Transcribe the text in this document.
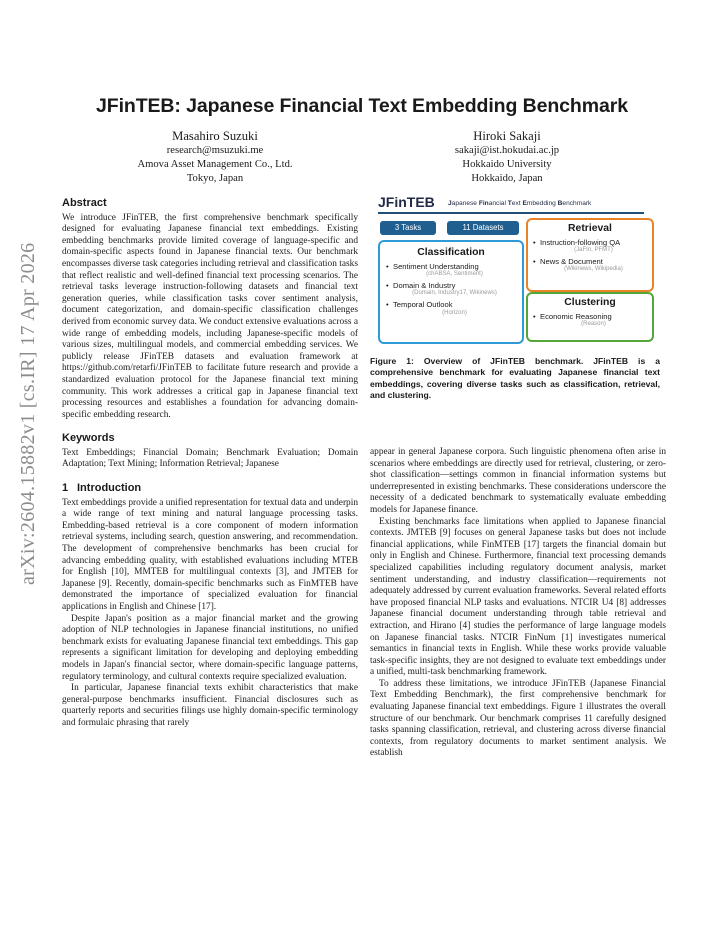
arXiv:2604.15882v1 [cs.IR] 17 Apr 2026
JFinTEB: Japanese Financial Text Embedding Benchmark
Masahiro Suzuki
research@msuzuki.me
Amova Asset Management Co., Ltd.
Tokyo, Japan
Hiroki Sakaji
sakaji@ist.hokudai.ac.jp
Hokkaido University
Hokkaido, Japan
Abstract

We introduce JFinTEB, the first comprehensive benchmark specifically designed for evaluating Japanese financial text embeddings. Existing embedding benchmarks provide limited coverage of language-specific and domain-specific aspects found in Japanese financial texts. Our benchmark encompasses diverse task categories including retrieval and classification tasks that reflect realistic and well-defined financial text processing scenarios. The retrieval tasks leverage instruction-following datasets and financial text generation queries, while classification tasks cover sentiment analysis, document categorization, and domain-specific classification challenges derived from economic survey data. We conduct extensive evaluations across a wide range of embedding models, including Japanese-specific models of various sizes, multilingual models, and commercial embedding services. We publicly release JFinTEB datasets and evaluation framework at https://github.com/retarfi/JFinTEB to facilitate future research and provide a standardized evaluation protocol for the Japanese financial text mining community. This work addresses a critical gap in Japanese financial text processing resources and establishes a foundation for advancing domain-specific embedding research.

Keywords

Text Embeddings; Financial Domain; Benchmark Evaluation; Domain Adaptation; Text Mining; Information Retrieval; Japanese

1 Introduction

Text embeddings provide a unified representation for textual data and underpin a wide range of text mining and natural language processing tasks. Embedding-based retrieval is a core component of modern information retrieval systems, including search, question answering, and recommendation. The development of comprehensive benchmarks has been crucial for advancing embedding quality, with established evaluations including MTEB for English [10], MMTEB for multilingual contexts [3], and JMTEB for Japanese [9]. Recently, domain-specific benchmarks such as FinMTEB have demonstrated the importance of specialized evaluation for financial applications in English and Chinese [17].

Despite Japan's position as a major financial market and the growing adoption of NLP technologies in Japanese financial institutions, no unified benchmark exists for evaluating Japanese financial text embeddings. This gap represents a significant limitation for developing and deploying embedding models in Japan's financial sector, where domain-specific language patterns, regulatory terminology, and cultural contexts require specialized evaluation.

In particular, Japanese financial texts exhibit characteristics that make general-purpose benchmarks insufficient. Financial disclosures such as quarterly reports and securities filings use highly domain-specific terminology and formulaic phrasing that rarely

JFinTEB Japanese Financial Text Embedding Benchmark
3 Tasks	11 Datasets
Classification
• Sentiment Understanding
(chABSA, Sentiment)
• Domain & Industry
(Domain, Industry17, Wikinews)
• Temporal Outlook
(Horizon)
Retrieval
• Instruction-following QA
(JaFIn, PFMT)
• News & Document
(Wikinews, Wikipedia)
Clustering
• Economic Reasoning
(Reason)
Figure 1: Overview of JFinTEB benchmark. JFinTEB is a comprehensive benchmark for evaluating Japanese financial text embeddings, covering diverse tasks such as classification, retrieval, and clustering.

appear in general Japanese corpora. Such linguistic phenomena often arise in scenarios where embeddings are directly used for retrieval, clustering, or zero-shot classification—settings common in financial information systems but underrepresented in existing benchmarks. These considerations underscore the necessity of a dedicated benchmark to systematically evaluate embedding models for Japanese finance.

Existing benchmarks face limitations when applied to Japanese financial contexts. JMTEB [9] focuses on general Japanese tasks but does not include financial applications, while FinMTEB [17] targets the financial domain but only in English and Chinese. Furthermore, financial text processing demands specialized capabilities including regulatory document analysis, market sentiment understanding, and industry classification—requirements not adequately addressed by current evaluation frameworks. Several related efforts have proposed financial NLP tasks and evaluations. NTCIR U4 [8] addresses Japanese financial document understanding through table retrieval and extraction, and Hirano [4] studies the performance of large language models on Japanese financial tasks. NTCIR FinNum [1] investigates numerical semantics in financial texts in English. While these works provide valuable task-specific insights, they are not designed to evaluate text embeddings under a unified, multi-task benchmarking framework.

To address these limitations, we introduce JFinTEB (Japanese Financial Text Embedding Benchmark), the first comprehensive benchmark for evaluating Japanese financial text embeddings. Figure 1 illustrates the overall structure of our benchmark. Our benchmark comprises 11 carefully designed tasks spanning classification, retrieval, and clustering across diverse financial contexts, from regulatory documents to market sentiment analysis. We establish
